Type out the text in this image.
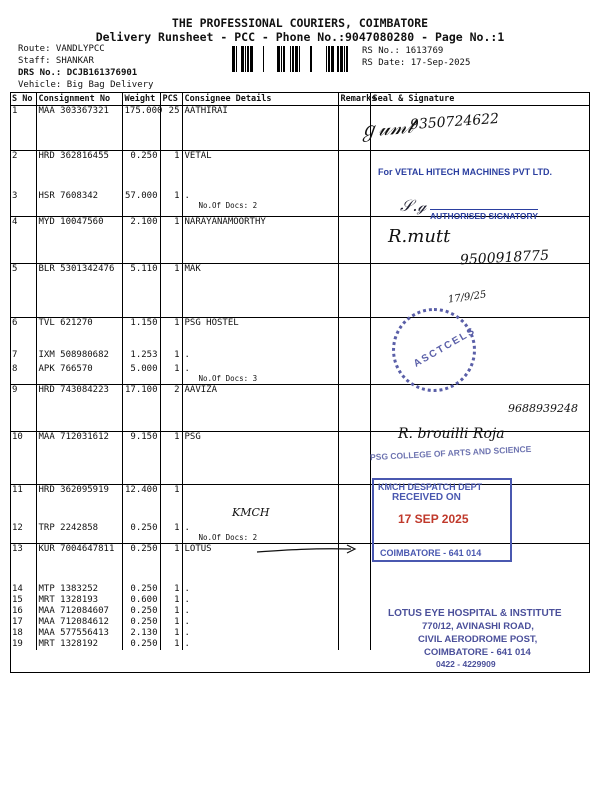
THE PROFESSIONAL COURIERS, COIMBATORE
Delivery Runsheet - PCC - Phone No.:9047080280 - Page No.:1
Route: VANDLYPCC
Staff: SHANKAR
DRS No.: DCJB161376901
Vehicle: Big Bag Delivery
RS No.: 1613769
RS Date: 17-Sep-2025
S No	Consignment No	Weight	PCS	Consignee Details	Remarks	Seal & Signature
1	MAA 303367321	175.000	25	AATHIRAI		
2	HRD 362816455	0.250	1	VETAL		
3	HSR 7608342	57.000	1	.
No.Of Docs: 2		

4	MYD 10047560	2.100	1	NARAYANAMOORTHY		
5	BLR 5301342476	5.110	1	MAK		
6	TVL 621270	1.150	1	PSG HOSTEL		
7	IXM 508980682	1.253	1	.		
8	APK 766570	5.000	1	.
No.Of Docs: 3		

9	HRD 743084223	17.100	2	AAVIZA		
10	MAA 712031612	9.150	1	PSG		
11	HRD 362095919	12.400	1			
12	TRP 2242858	0.250	1	.
No.Of Docs: 2		

13	KUR 7004647811	0.250	1	LOTUS		
14	MTP 1383252	0.250	1	.		
15	MRT 1328193	0.600	1	.		
16	MAA 712084607	0.250	1	.		
17	MAA 712084612	0.250	1	.		
18	MAA 577556413	2.130	1	.		
19	MRT 1328192	0.250	1	.		
ℊ𝓊𝓂𝓉
9350724622
For VETAL HITECH MACHINES PVT LTD.
𝒮.ℊ
AUTHORISED SIGNATORY
R.mutt
9500918775
17/9/25
ASCTCELS
9688939248
R. brouilli Roja
PSG COLLEGE OF ARTS AND SCIENCE
KMCH DESPATCH DEPT
RECEIVED ON
17 SEP 2025
COIMBATORE - 641 014
KMCH
LOTUS EYE HOSPITAL & INSTITUTE
770/12, AVINASHI ROAD,
CIVIL AERODROME POST,
COIMBATORE - 641 014
0422 - 4229909
